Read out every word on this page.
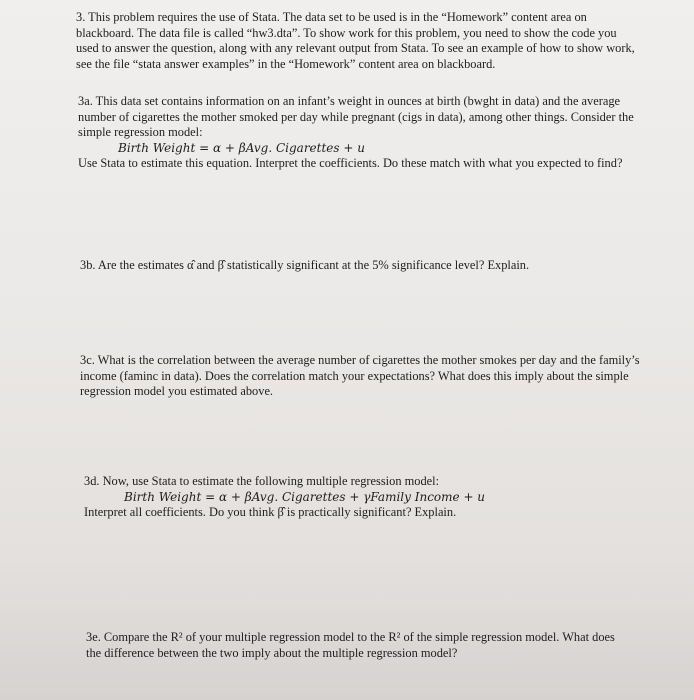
3. This problem requires the use of Stata. The data set to be used is in the “Homework” content area on blackboard. The data file is called “hw3.dta”. To show work for this problem, you need to show the code you used to answer the question, along with any relevant output from Stata. To see an example of how to show work, see the file “stata answer examples” in the “Homework” content area on blackboard.

3a. This data set contains information on an infant’s weight in ounces at birth (bwght in data) and the average number of cigarettes the mother smoked per day while pregnant (cigs in data), among other things. Consider the simple regression model:

Birth Weight = α + βAvg. Cigarettes + u

Use Stata to estimate this equation. Interpret the coefficients. Do these match with what you expected to find?

3b. Are the estimates α̂ and β̂ statistically significant at the 5% significance level? Explain.

3c. What is the correlation between the average number of cigarettes the mother smokes per day and the family’s income (faminc in data). Does the correlation match your expectations? What does this imply about the simple regression model you estimated above.

3d. Now, use Stata to estimate the following multiple regression model:

Birth Weight = α + βAvg. Cigarettes + γFamily Income + u

Interpret all coefficients. Do you think β̂ is practically significant? Explain.

3e. Compare the R² of your multiple regression model to the R² of the simple regression model. What does the difference between the two imply about the multiple regression model?
